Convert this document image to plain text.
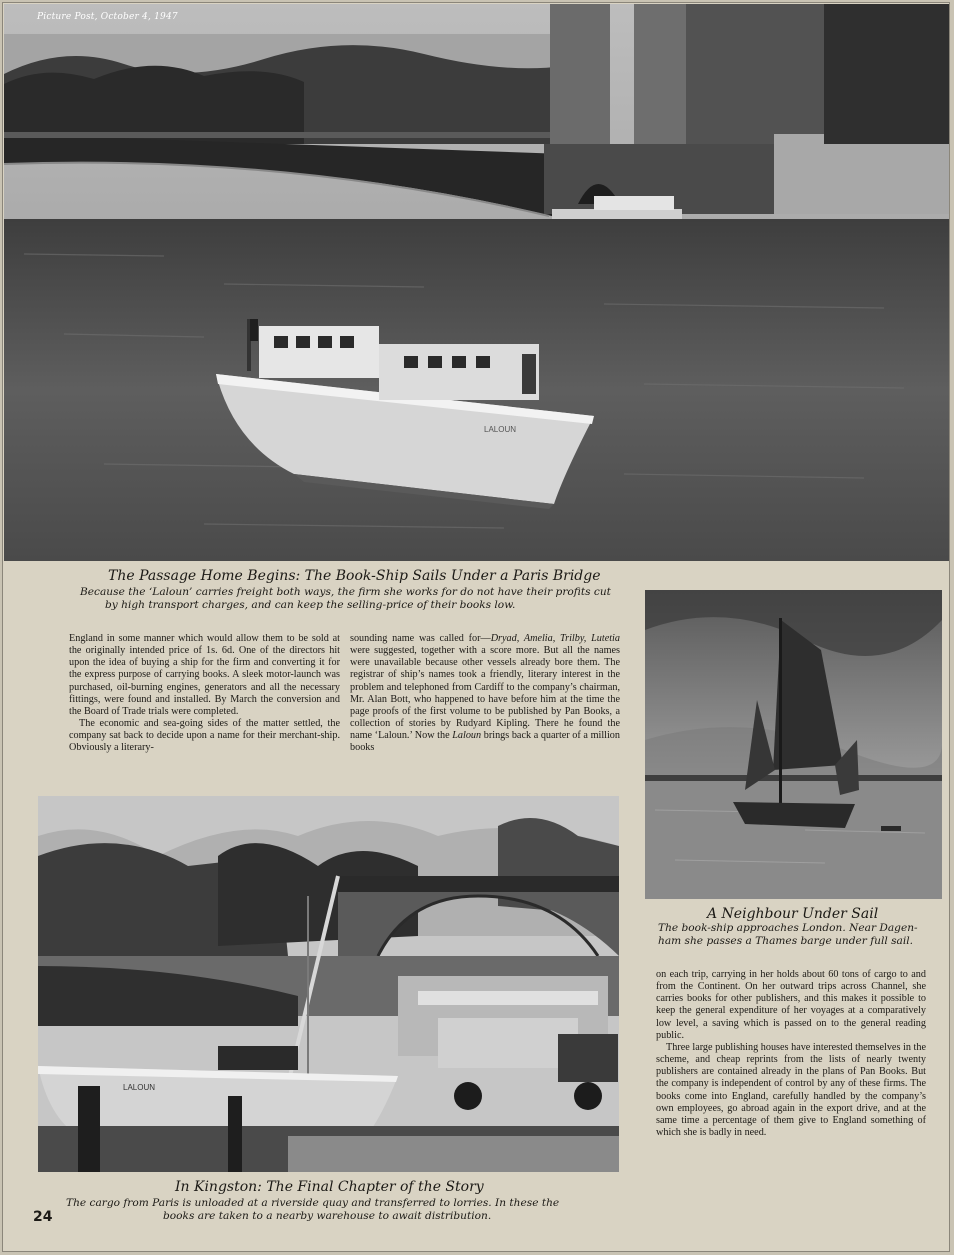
LALOUN
Picture Post, October 4, 1947
The Passage Home Begins: The Book-Ship Sails Under a Paris Bridge
Because the ‘Laloun’ carries freight both ways, the firm she works for do not have their profits cut
by high transport charges, and can keep the selling-price of their books low.

England in some manner which would allow them to be sold at the originally intended price of 1s. 6d. One of the directors hit upon the idea of buying a ship for the firm and converting it for the express purpose of carrying books. A sleek motor-launch was purchased, oil-burning engines, generators and all the necessary fittings, were found and installed. By March the conversion and the Board of Trade trials were completed.

The economic and sea-going sides of the matter settled, the company sat back to decide upon a name for their merchant-ship. Obviously a literary-

sounding name was called for—Dryad, Amelia, Trilby, Lutetia were suggested, together with a score more. But all the names were unavailable because other vessels already bore them. The registrar of ship’s names took a friendly, literary interest in the problem and telephoned from Cardiff to the company’s chairman, Mr. Alan Bott, who happened to have before him at the time the page proofs of the first volume to be published by Pan Books, a collection of stories by Rudyard Kipling. There he found the name ‘Laloun.’ Now the Laloun brings back a quarter of a million books

A Neighbour Under Sail
The book-ship approaches London. Near Dagen-
ham she passes a Thames barge under full sail.
LALOUN
In Kingston: The Final Chapter of the Story
The cargo from Paris is unloaded at a riverside quay and transferred to lorries. In these the
books are taken to a nearby warehouse to await distribution.

on each trip, carrying in her holds about 60 tons of cargo to and from the Continent. On her outward trips across Channel, she carries books for other publishers, and this makes it possible to keep the general expenditure of her voyages at a comparatively low level, a saving which is passed on to the general reading public.

Three large publishing houses have interested themselves in the scheme, and cheap reprints from the lists of nearly twenty publishers are contained already in the plans of Pan Books. But the company is independent of control by any of these firms. The books come into England, carefully handled by the company’s own employees, go abroad again in the export drive, and at the same time a percentage of them give to England something of which she is badly in need.

24
